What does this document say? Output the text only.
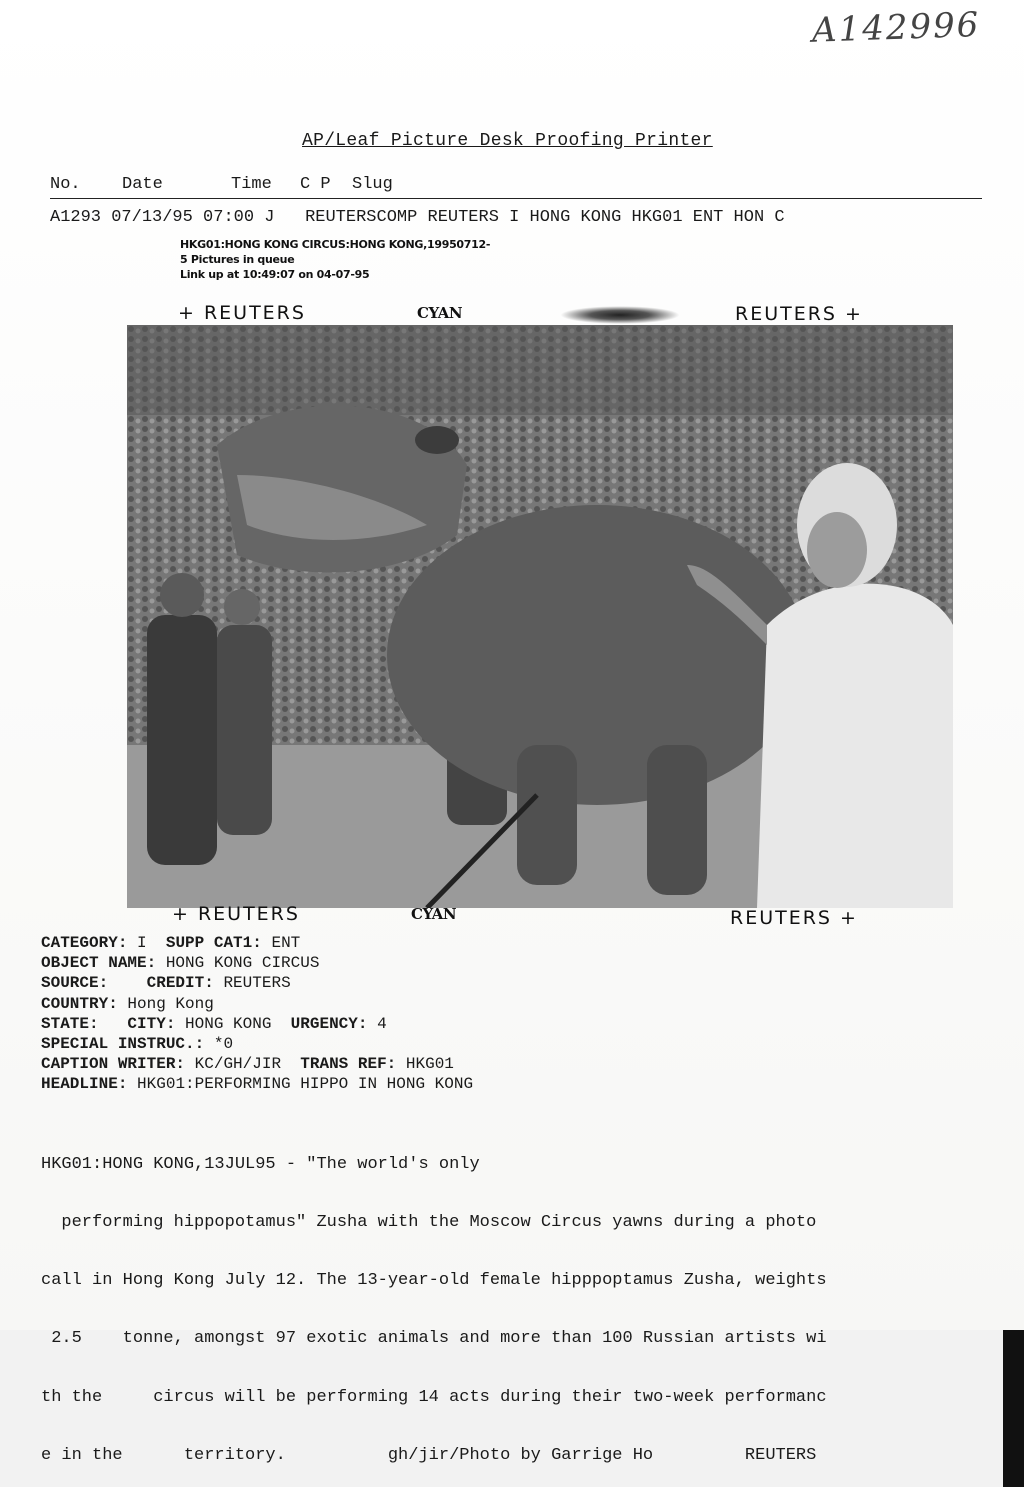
A142996
AP/Leaf Picture Desk Proofing Printer
No. Date	Time C P Slug
A1293 07/13/95 07:00 J REUTERSCOMP REUTERS I HONG KONG HKG01 ENT HON C
HKG01:HONG KONG CIRCUS:HONG KONG,19950712-
5 Pictures in queue
Link up at 10:49:07 on 04-07-95
+ REUTERS	CYAN	REUTERS +
+ REUTERS	CYAN	REUTERS +
CATEGORY: I SUPP CAT1: ENT
OBJECT NAME: HONG KONG CIRCUS
SOURCE: CREDIT: REUTERS
COUNTRY: Hong Kong
STATE: CITY: HONG KONG URGENCY: 4
SPECIAL INSTRUC.: *0
CAPTION WRITER: KC/GH/JIR TRANS REF: HKG01
HEADLINE: HKG01:PERFORMING HIPPO IN HONG KONG

HKG01:HONG KONG,13JUL95 - "The world's only

performing hippopotamus" Zusha with the Moscow Circus yawns during a photo

call in Hong Kong July 12. The 13-year-old female hipppoptamus Zusha, weights

2.5    tonne, amongst 97 exotic animals and more than 100 Russian artists wi

th the     circus will be performing 14 acts during their two-week performanc

e in the      territory.          gh/jir/Photo by Garrige Ho         REUTERS
